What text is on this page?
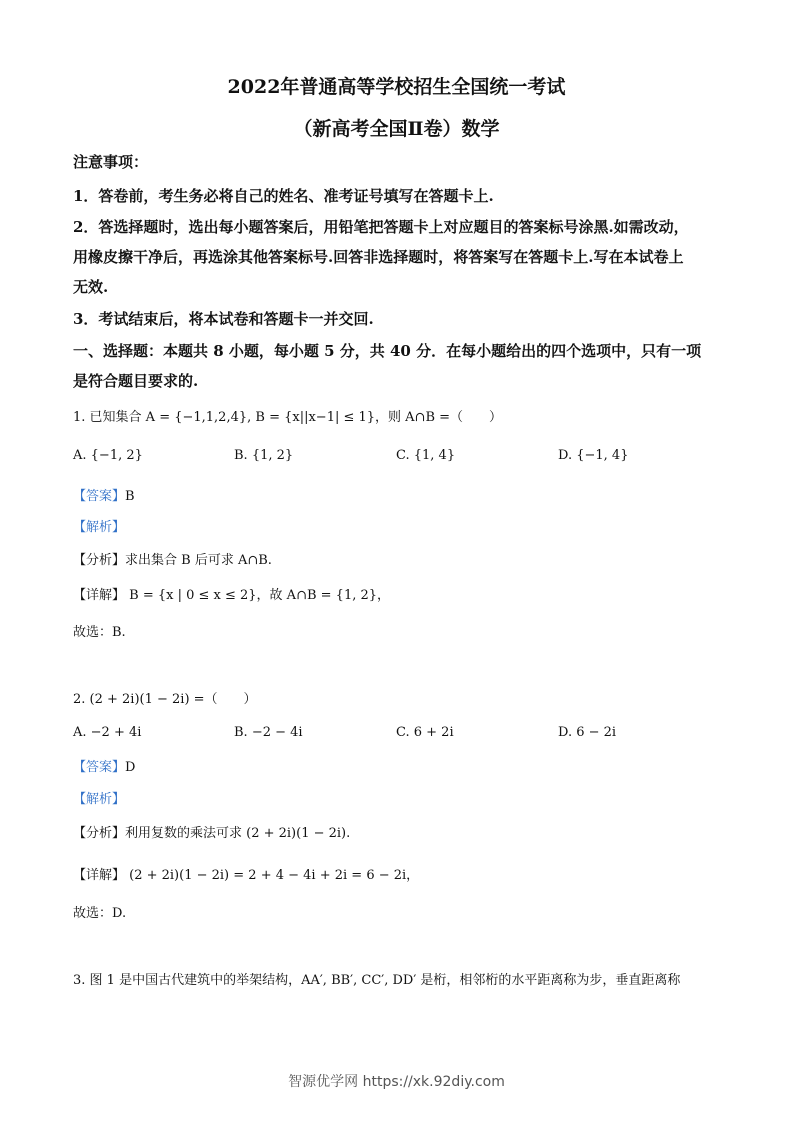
2022年普通高等学校招生全国统一考试
（新高考全国Ⅱ卷）数学
注意事项：
1．答卷前，考生务必将自己的姓名、准考证号填写在答题卡上.
2．答选择题时，选出每小题答案后，用铅笔把答题卡上对应题目的答案标号涂黑.如需改动，
用橡皮擦干净后，再选涂其他答案标号.回答非选择题时，将答案写在答题卡上.写在本试卷上
无效.
3．考试结束后，将本试卷和答题卡一并交回.
一、选择题：本题共 8 小题，每小题 5 分，共 40 分．在每小题给出的四个选项中，只有一项
是符合题目要求的.
1. 已知集合 A = {−1,1,2,4}, B = {x||x−1| ≤ 1}，则 A∩B =（　　）
A. {−1, 2}	B. {1, 2}	C. {1, 4}	D. {−1, 4}
【答案】B
【解析】
【分析】求出集合 B 后可求 A∩B.
【详解】 B = {x | 0 ≤ x ≤ 2}，故 A∩B = {1, 2}，
故选：B.
2. (2 + 2i)(1 − 2i) =（　　）
A. −2 + 4i	B. −2 − 4i	C. 6 + 2i	D. 6 − 2i
【答案】D
【解析】
【分析】利用复数的乘法可求 (2 + 2i)(1 − 2i).
【详解】 (2 + 2i)(1 − 2i) = 2 + 4 − 4i + 2i = 6 − 2i，
故选：D.
3. 图 1 是中国古代建筑中的举架结构，AA′, BB′, CC′, DD′ 是桁，相邻桁的水平距离称为步，垂直距离称
智源优学网 https://xk.92diy.com
